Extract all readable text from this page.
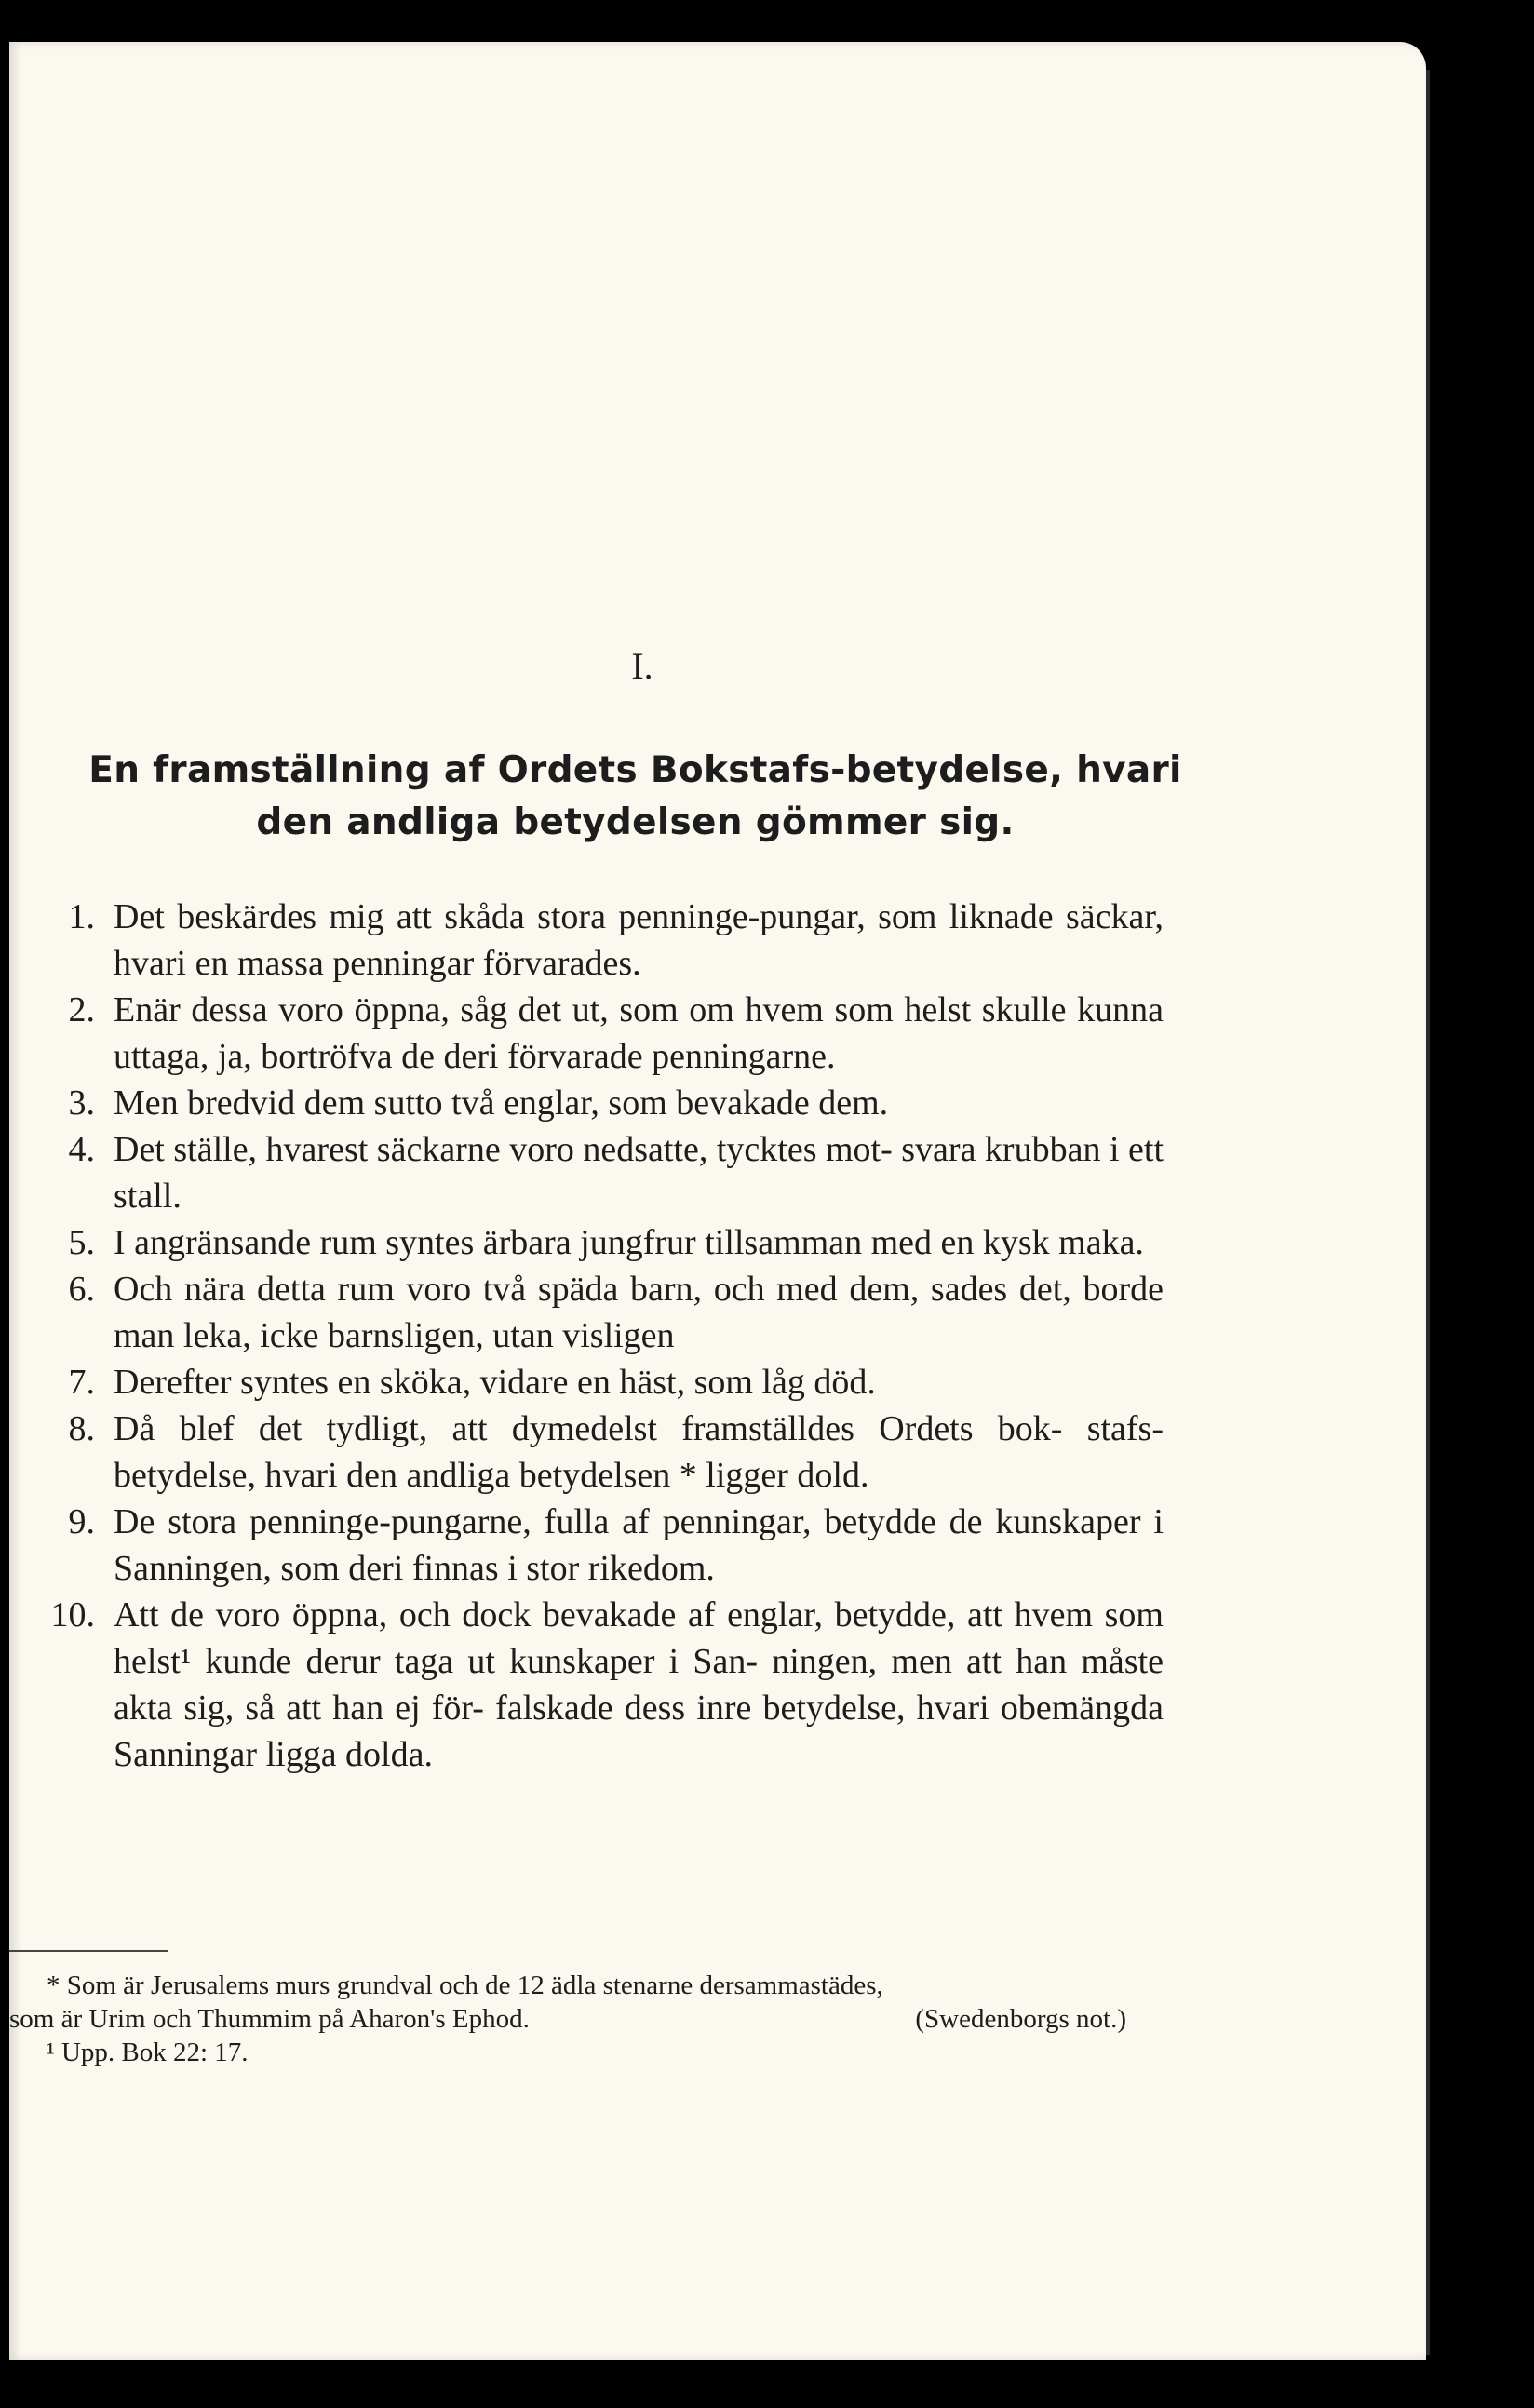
I.
En framställning af Ordets Bokstafs-betydelse, hvari
den andliga betydelsen gömmer sig.
1. Det beskärdes mig att skåda stora penninge-pungar, som liknade säckar, hvari en massa penningar förvarades.
2. Enär dessa voro öppna, såg det ut, som om hvem som helst skulle kunna uttaga, ja, bortröfva de deri förvarade penningarne.
3. Men bredvid dem sutto två englar, som bevakade dem.
4. Det ställe, hvarest säckarne voro nedsatte, tycktes mot- svara krubban i ett stall.
5. I angränsande rum syntes ärbara jungfrur tillsamman med en kysk maka.
6. Och nära detta rum voro två späda barn, och med dem, sades det, borde man leka, icke barnsligen, utan visligen
7. Derefter syntes en sköka, vidare en häst, som låg död.
8. Då blef det tydligt, att dymedelst framställdes Ordets bok- stafs-betydelse, hvari den andliga betydelsen * ligger dold.
9. De stora penninge-pungarne, fulla af penningar, betydde de kunskaper i Sanningen, som deri finnas i stor rikedom.
10. Att de voro öppna, och dock bevakade af englar, betydde, att hvem som helst¹ kunde derur taga ut kunskaper i San- ningen, men att han måste akta sig, så att han ej för- falskade dess inre betydelse, hvari obemängda Sanningar ligga dolda.
* Som är Jerusalems murs grundval och de 12 ädla stenarne dersammastädes,
som är Urim och Thummim på Aharon's Ephod.	(Swedenborgs not.)
¹ Upp. Bok 22: 17.
